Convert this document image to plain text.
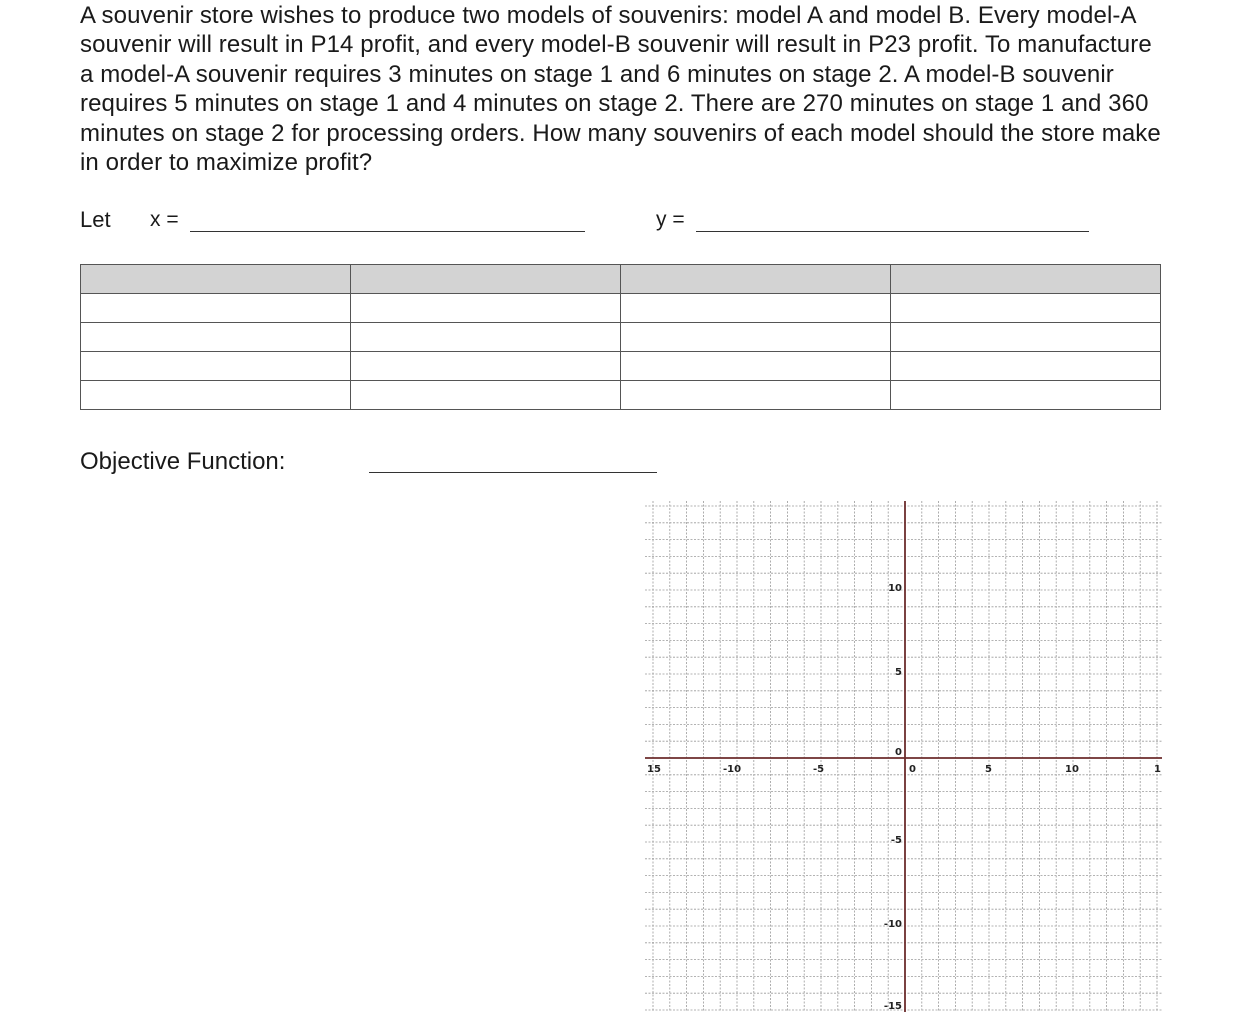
A souvenir store wishes to produce two models of souvenirs: model A and model B. Every model-A souvenir will result in P14 profit, and every model-B souvenir will result in P23 profit. To manufacture a model-A souvenir requires 3 minutes on stage 1 and 6 minutes on stage 2. A model-B souvenir requires 5 minutes on stage 1 and 4 minutes on stage 2. There are 270 minutes on stage 1 and 360 minutes on stage 2 for processing orders. How many souvenirs of each model should the store make in order to maximize profit?
Let x =	y =

Objective Function:
15	-10	-5	0	5	10	1
10
5
0
-5
-10
-15
